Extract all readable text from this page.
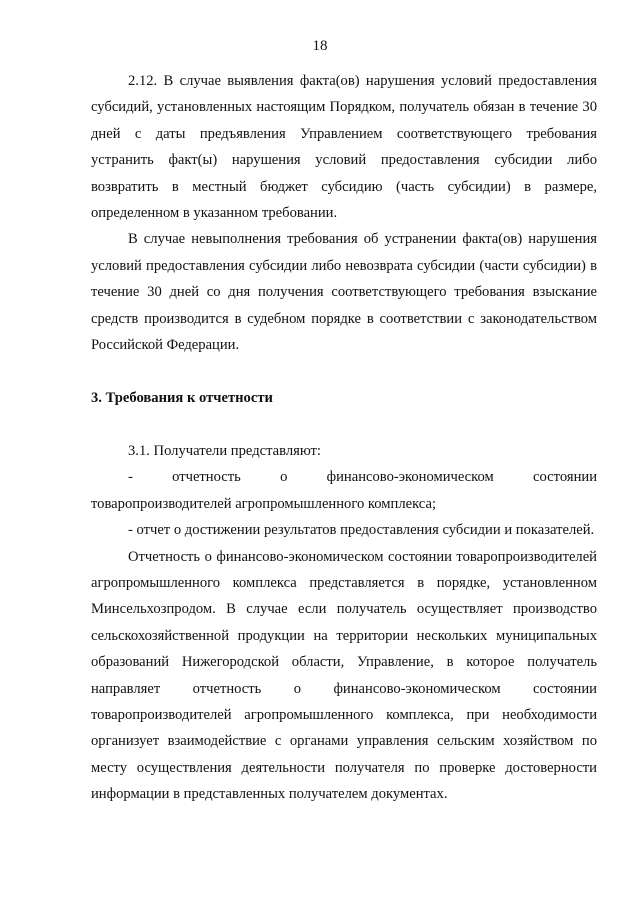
18

2.12. В случае выявления факта(ов) нарушения условий предоставления субсидий, установленных настоящим Порядком, получатель обязан в течение 30 дней с даты предъявления Управлением соответствующего требования устранить факт(ы) нарушения условий предоставления субсидии либо возвратить в местный бюджет субсидию (часть субсидии) в размере, определенном в указанном требовании.

В случае невыполнения требования об устранении факта(ов) нарушения условий предоставления субсидии либо невозврата субсидии (части субсидии) в течение 30 дней со дня получения соответствующего требования взыскание средств производится в судебном порядке в соответствии с законодательством Российской Федерации.

3. Требования к отчетности

3.1. Получатели представляют:

- отчетность о финансово-экономическом состоянии товаропроизводителей агропромышленного комплекса;

- отчет о достижении результатов предоставления субсидии и показателей.

Отчетность о финансово-экономическом состоянии товаропроизводителей агропромышленного комплекса представляется в порядке, установленном Минсельхозпродом. В случае если получатель осуществляет производство сельскохозяйственной продукции на территории нескольких муниципальных образований Нижегородской области, Управление, в которое получатель направляет отчетность о финансово-экономическом состоянии товаропроизводителей агропромышленного комплекса, при необходимости организует взаимодействие с органами управления сельским хозяйством по месту осуществления деятельности получателя по проверке достоверности информации в представленных получателем документах.
